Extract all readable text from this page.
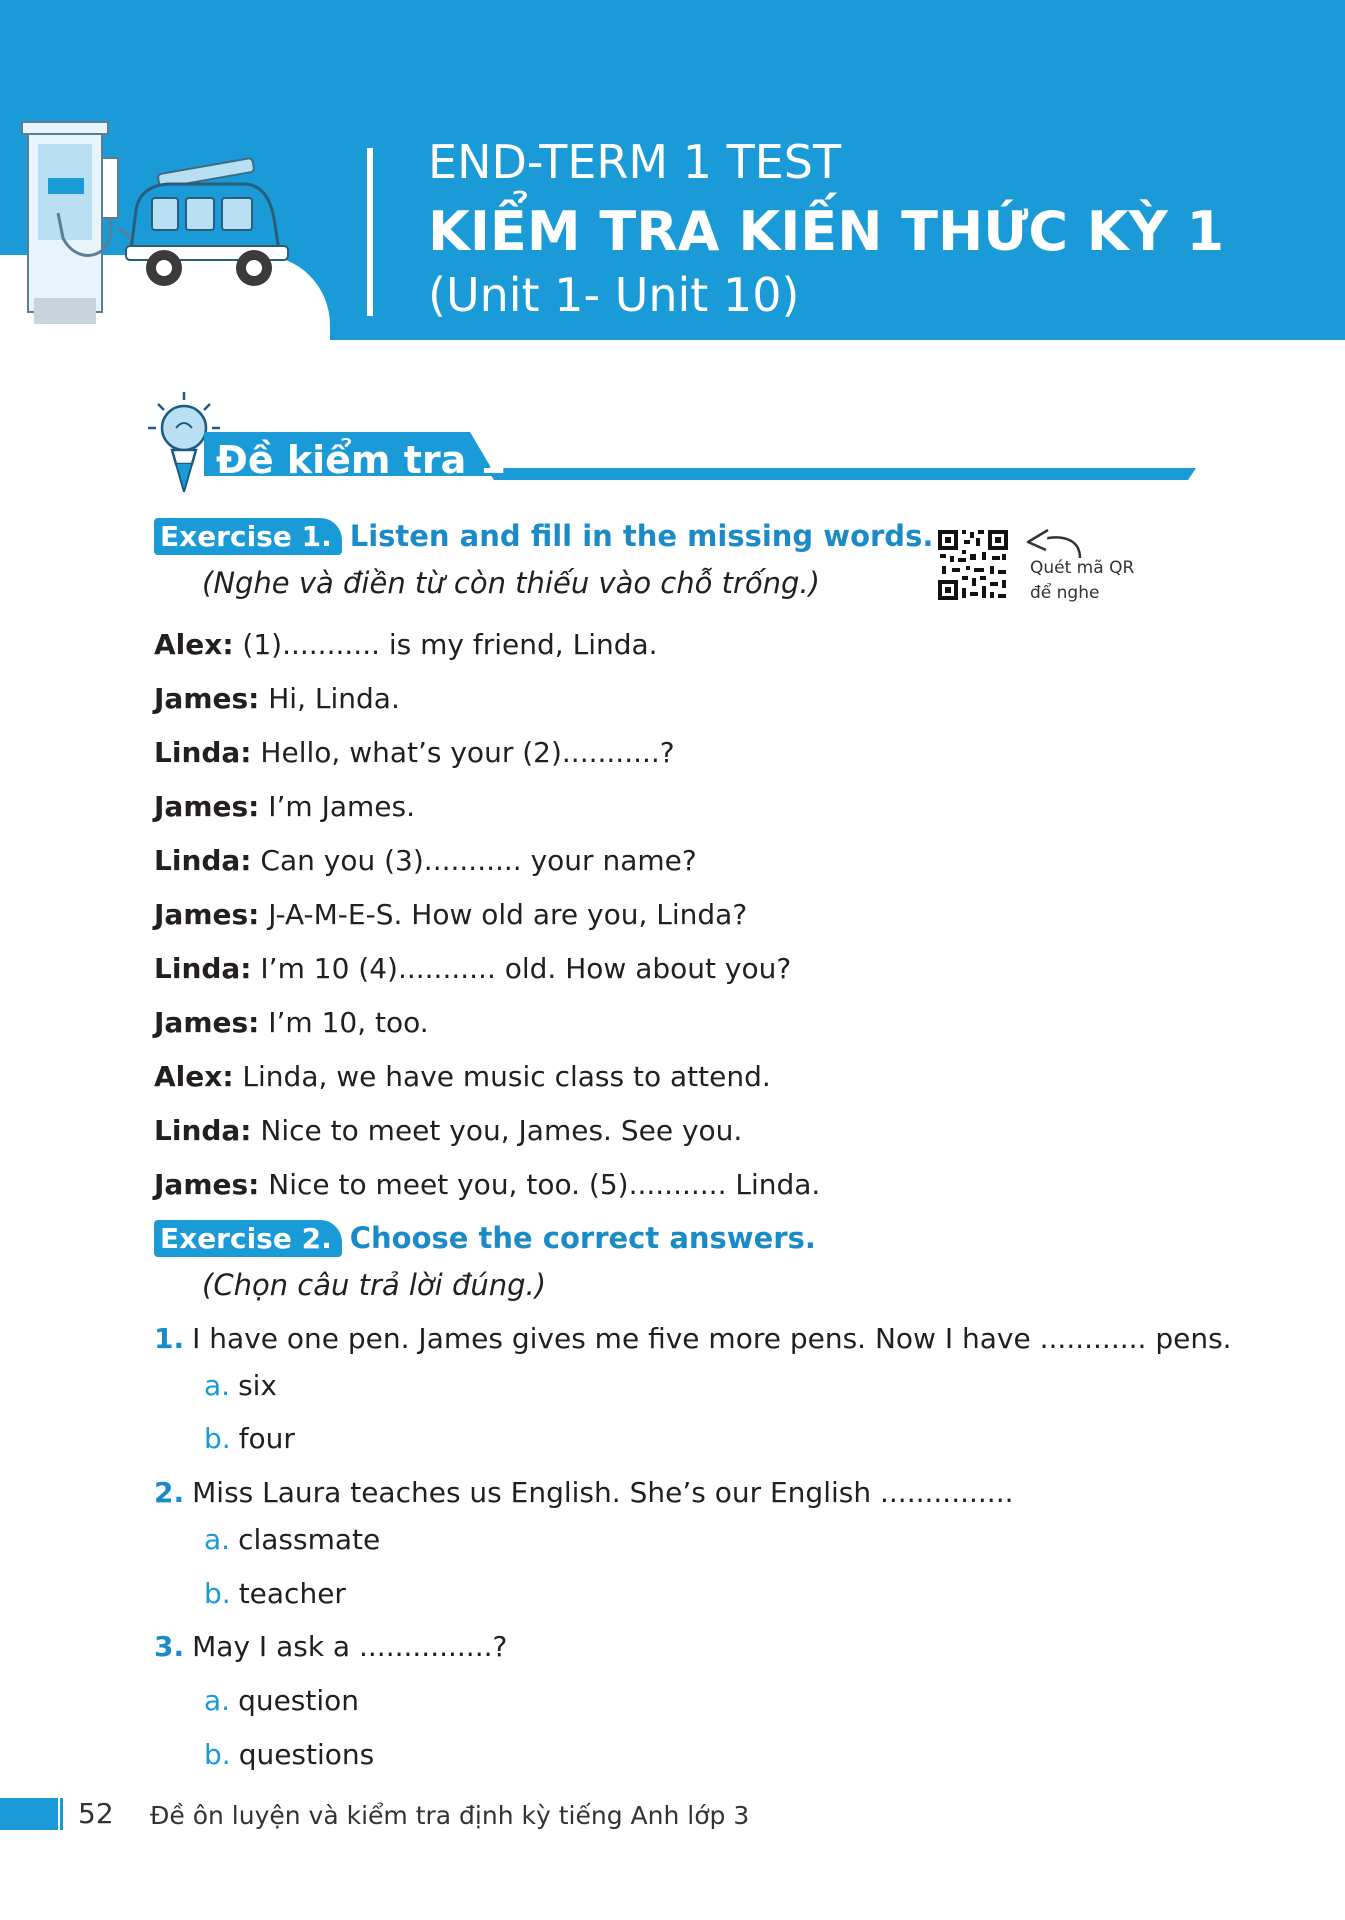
END-TERM 1 TEST
KIỂM TRA KIẾN THỨC KỲ 1
(Unit 1- Unit 10)
Đề kiểm tra 1
Exercise 1. Listen and fill in the missing words.
(Nghe và điền từ còn thiếu vào chỗ trống.)	Quét mã QR
để nghe
Alex: (1)........... is my friend, Linda.
James: Hi, Linda.
Linda: Hello, what’s your (2)...........?
James: I’m James.
Linda: Can you (3)........... your name?
James: J-A-M-E-S. How old are you, Linda?
Linda: I’m 10 (4)........... old. How about you?
James: I’m 10, too.
Alex: Linda, we have music class to attend.
Linda: Nice to meet you, James. See you.
James: Nice to meet you, too. (5)........... Linda.
Exercise 2. Choose the correct answers.
(Chọn câu trả lời đúng.)
1. I have one pen. James gives me five more pens. Now I have ............ pens.
a. six
b. four
2. Miss Laura teaches us English. She’s our English ...............
a. classmate
b. teacher
3. May I ask a ...............?
a. question
b. questions
52 Đề ôn luyện và kiểm tra định kỳ tiếng Anh lớp 3
